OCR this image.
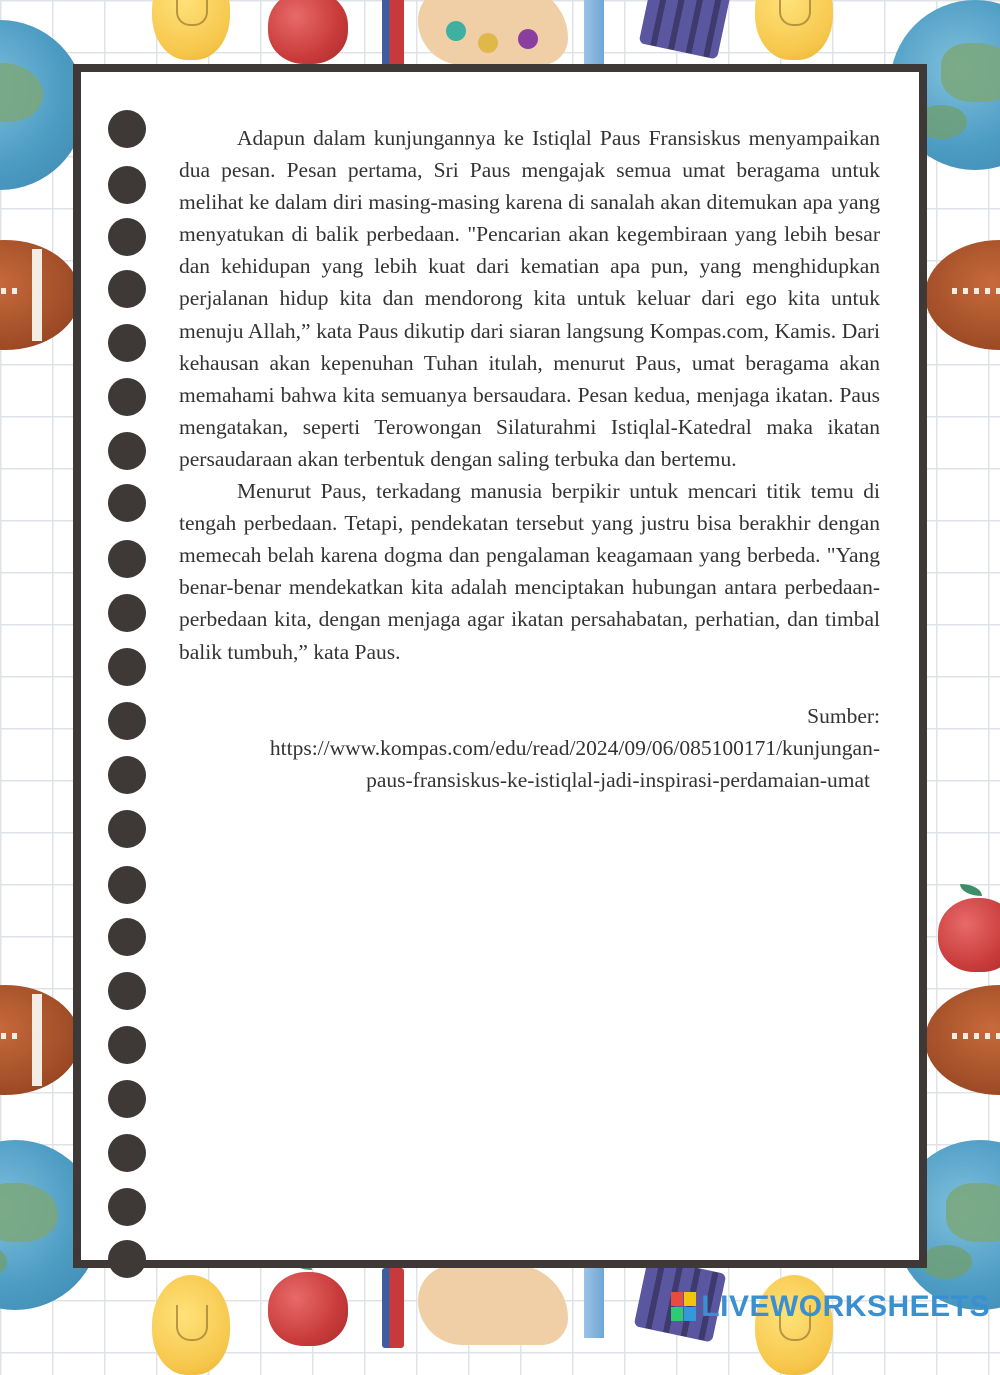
Adapun dalam kunjungannya ke Istiqlal Paus Fransiskus menyampaikan dua pesan. Pesan pertama, Sri Paus mengajak semua umat beragama untuk melihat ke dalam diri masing-masing karena di sanalah akan ditemukan apa yang menyatukan di balik perbedaan. "Pencarian akan kegembiraan yang lebih besar dan kehidupan yang lebih kuat dari kematian apa pun, yang menghidupkan perjalanan hidup kita dan mendorong kita untuk keluar dari ego kita untuk menuju Allah,” kata Paus dikutip dari siaran langsung Kompas.com, Kamis. Dari kehausan akan kepenuhan Tuhan itulah, menurut Paus, umat beragama akan memahami bahwa kita semuanya bersaudara. Pesan kedua, menjaga ikatan. Paus mengatakan, seperti Terowongan Silaturahmi Istiqlal-Katedral maka ikatan persaudaraan akan terbentuk dengan saling terbuka dan bertemu.

Menurut Paus, terkadang manusia berpikir untuk mencari titik temu di tengah perbedaan. Tetapi, pendekatan tersebut yang justru bisa berakhir dengan memecah belah karena dogma dan pengalaman keagamaan yang berbeda. "Yang benar-benar mendekatkan kita adalah menciptakan hubungan antara perbedaan-perbedaan kita, dengan menjaga agar ikatan persahabatan, perhatian, dan timbal balik tumbuh,” kata Paus.

Sumber:
https://www.kompas.com/edu/read/2024/09/06/085100171/kunjungan-
paus-fransiskus-ke-istiqlal-jadi-inspirasi-perdamaian-umat
LIVEWORKSHEETS
